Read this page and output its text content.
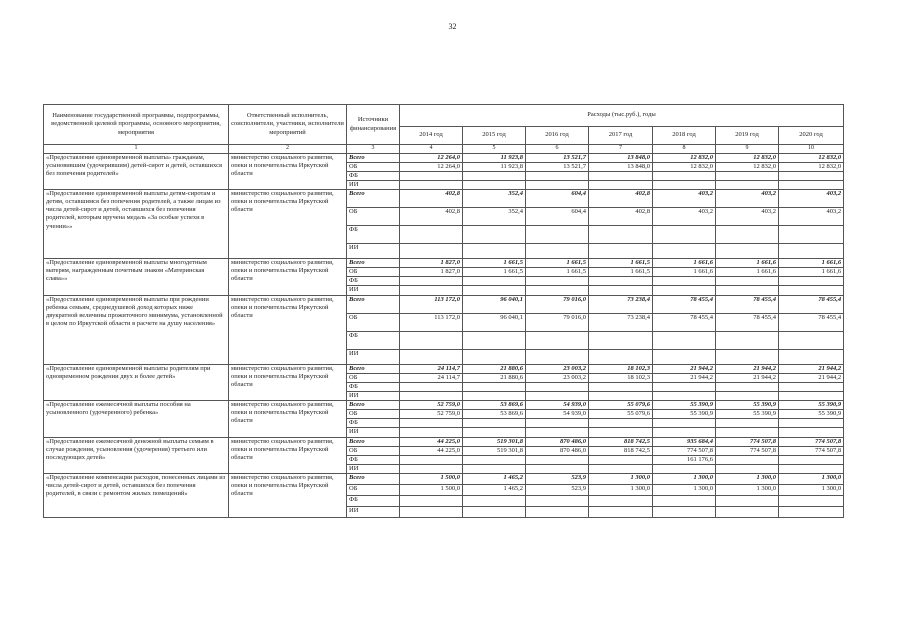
32
Наименование государственной программы, подпрограммы, ведомственной целевой программы, основного мероприятия, мероприятия	Ответственный исполнитель, соисполнители, участники, исполнители мероприятий	Источники финансирования	Расходы (тыс.руб.), годы						
			2014 год	2015 год	2016 год	2017 год	2018 год	2019 год	2020 год
1	2	3	4	5	6	7	8	9	10
«Предоставление единовременной выплаты» гражданам, усыновившим (удочерившим) детей-сирот и детей, оставшихся без попечения родителей»	министерство социального развития, опеки и попечительства Иркутской области	Всего	12 264,0	11 923,8	13 521,7	13 848,0	12 832,0	12 832,0	12 832,0
		ОБ	12 264,0	11 923,8	13 521,7	13 848,0	12 832,0	12 832,0	12 832,0
		ФБ							
		ИИ							
«Предоставление единовременной выплаты детям-сиротам и детям, оставшимся без попечения родителей, а также лицам из числа детей-сирот и детей, оставшихся без попечения родителей, которым вручена медаль «За особые успехи в учении»»	министерство социального развития, опеки и попечительства Иркутской области	Всего	402,8	352,4	604,4	402,8	403,2	403,2	403,2
		ОБ	402,8	352,4	604,4	402,8	403,2	403,2	403,2
		ФБ							
		ИИ							
«Предоставление единовременной выплаты многодетным матерям, награжденным почетным знаком «Материнская слава»»	министерство социального развития, опеки и попечительства Иркутской области	Всего	1 827,0	1 661,5	1 661,5	1 661,5	1 661,6	1 661,6	1 661,6
		ОБ	1 827,0	1 661,5	1 661,5	1 661,5	1 661,6	1 661,6	1 661,6
		ФБ							
		ИИ							
«Предоставление единовременной выплаты при рождении ребенка семьям, среднедушевой доход которых ниже двукратной величины прожиточного минимума, установленной в целом по Иркутской области в расчете на душу населения»	министерство социального развития, опеки и попечительства Иркутской области	Всего	113 172,0	96 040,1	79 016,0	73 238,4	78 455,4	78 455,4	78 455,4
		ОБ	113 172,0	96 040,1	79 016,0	73 238,4	78 455,4	78 455,4	78 455,4
		ФБ							
		ИИ							
«Предоставление единовременной выплаты родителям при одновременном рождении двух и более детей»	министерство социального развития, опеки и попечительства Иркутской области	Всего	24 114,7	21 880,6	23 003,2	18 102,3	21 944,2	21 944,2	21 944,2
		ОБ	24 114,7	21 880,6	23 003,2	18 102,3	21 944,2	21 944,2	21 944,2
		ФБ							
		ИИ							
«Предоставление ежемесячной выплаты пособия на усыновленного (удочеренного) ребенка»	министерство социального развития, опеки и попечительства Иркутской области	Всего	52 759,0	53 869,6	54 939,0	55 079,6	55 390,9	55 390,9	55 390,9
		ОБ	52 759,0	53 869,6	54 939,0	55 079,6	55 390,9	55 390,9	55 390,9
		ФБ							
		ИИ							
«Предоставление ежемесячной денежной выплаты семьям в случае рождения, усыновления (удочерения) третьего или последующих детей»	министерство социального развития, опеки и попечительства Иркутской области	Всего	44 225,0	519 301,8	870 486,0	818 742,5	935 684,4	774 507,8	774 507,8
		ОБ	44 225,0	519 301,8	870 486,0	818 742,5	774 507,8	774 507,8	774 507,8
		ФБ					161 176,6		
		ИИ							
«Предоставление компенсации расходов, понесенных лицами из числа детей-сирот и детей, оставшихся без попечения родителей, в связи с ремонтом жилых помещений»	министерство социального развития, опеки и попечительства Иркутской области	Всего	1 500,0	1 465,2	523,9	1 300,0	1 300,0	1 300,0	1 300,0
		ОБ	1 500,0	1 465,2	523,9	1 300,0	1 300,0	1 300,0	1 300,0
		ФБ							
		ИИ							
